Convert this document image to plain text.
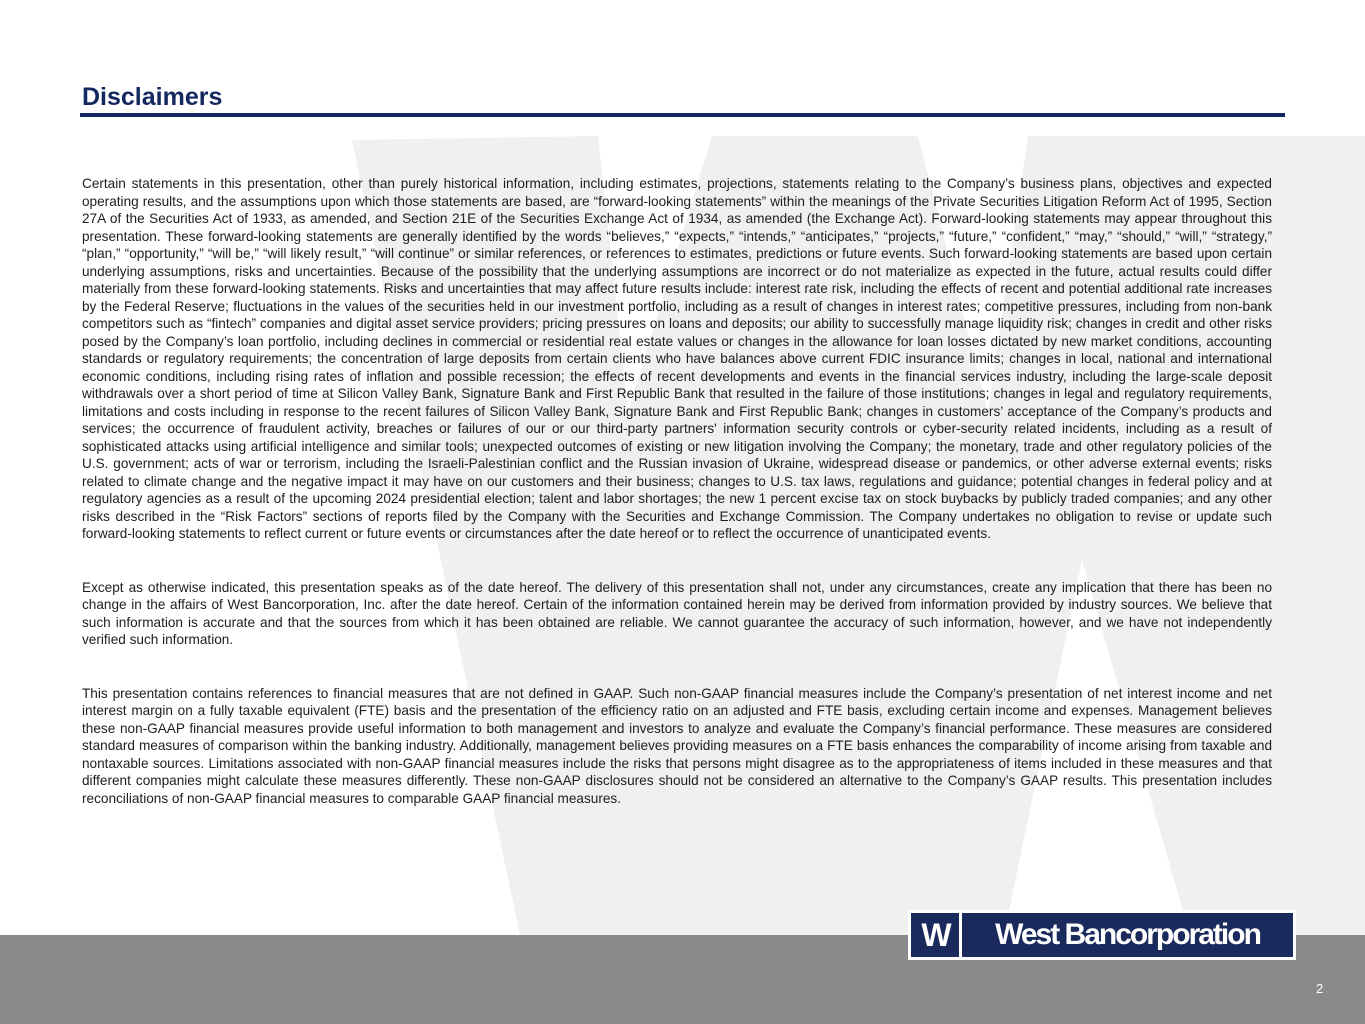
Disclaimers

Certain statements in this presentation, other than purely historical information, including estimates, projections, statements relating to the Company’s business plans, objectives and expected operating results, and the assumptions upon which those statements are based, are “forward-looking statements” within the meanings of the Private Securities Litigation Reform Act of 1995, Section 27A of the Securities Act of 1933, as amended, and Section 21E of the Securities Exchange Act of 1934, as amended (the Exchange Act). Forward-looking statements may appear throughout this presentation. These forward-looking statements are generally identified by the words “believes,” “expects,” “intends,” “anticipates,” “projects,” “future,” “confident,” “may,” “should,” “will,” “strategy,” “plan,” “opportunity,” “will be,” “will likely result,” “will continue” or similar references, or references to estimates, predictions or future events. Such forward-looking statements are based upon certain underlying assumptions, risks and uncertainties. Because of the possibility that the underlying assumptions are incorrect or do not materialize as expected in the future, actual results could differ materially from these forward-looking statements. Risks and uncertainties that may affect future results include: interest rate risk, including the effects of recent and potential additional rate increases by the Federal Reserve; fluctuations in the values of the securities held in our investment portfolio, including as a result of changes in interest rates; competitive pressures, including from non-bank competitors such as “fintech” companies and digital asset service providers; pricing pressures on loans and deposits; our ability to successfully manage liquidity risk; changes in credit and other risks posed by the Company’s loan portfolio, including declines in commercial or residential real estate values or changes in the allowance for loan losses dictated by new market conditions, accounting standards or regulatory requirements; the concentration of large deposits from certain clients who have balances above current FDIC insurance limits; changes in local, national and international economic conditions, including rising rates of inflation and possible recession; the effects of recent developments and events in the financial services industry, including the large-scale deposit withdrawals over a short period of time at Silicon Valley Bank, Signature Bank and First Republic Bank that resulted in the failure of those institutions; changes in legal and regulatory requirements, limitations and costs including in response to the recent failures of Silicon Valley Bank, Signature Bank and First Republic Bank; changes in customers’ acceptance of the Company’s products and services; the occurrence of fraudulent activity, breaches or failures of our or our third-party partners' information security controls or cyber-security related incidents, including as a result of sophisticated attacks using artificial intelligence and similar tools; unexpected outcomes of existing or new litigation involving the Company; the monetary, trade and other regulatory policies of the U.S. government; acts of war or terrorism, including the Israeli-Palestinian conflict and the Russian invasion of Ukraine, widespread disease or pandemics, or other adverse external events; risks related to climate change and the negative impact it may have on our customers and their business; changes to U.S. tax laws, regulations and guidance; potential changes in federal policy and at regulatory agencies as a result of the upcoming 2024 presidential election; talent and labor shortages; the new 1 percent excise tax on stock buybacks by publicly traded companies; and any other risks described in the “Risk Factors” sections of reports filed by the Company with the Securities and Exchange Commission. The Company undertakes no obligation to revise or update such forward-looking statements to reflect current or future events or circumstances after the date hereof or to reflect the occurrence of unanticipated events.

Except as otherwise indicated, this presentation speaks as of the date hereof. The delivery of this presentation shall not, under any circumstances, create any implication that there has been no change in the affairs of West Bancorporation, Inc. after the date hereof. Certain of the information contained herein may be derived from information provided by industry sources. We believe that such information is accurate and that the sources from which it has been obtained are reliable. We cannot guarantee the accuracy of such information, however, and we have not independently verified such information.

This presentation contains references to financial measures that are not defined in GAAP. Such non-GAAP financial measures include the Company’s presentation of net interest income and net interest margin on a fully taxable equivalent (FTE) basis and the presentation of the efficiency ratio on an adjusted and FTE basis, excluding certain income and expenses. Management believes these non-GAAP financial measures provide useful information to both management and investors to analyze and evaluate the Company’s financial performance. These measures are considered standard measures of comparison within the banking industry. Additionally, management believes providing measures on a FTE basis enhances the comparability of income arising from taxable and nontaxable sources. Limitations associated with non-GAAP financial measures include the risks that persons might disagree as to the appropriateness of items included in these measures and that different companies might calculate these measures differently. These non-GAAP disclosures should not be considered an alternative to the Company’s GAAP results. This presentation includes reconciliations of non-GAAP financial measures to comparable GAAP financial measures.

W	West Bancorporation
2
